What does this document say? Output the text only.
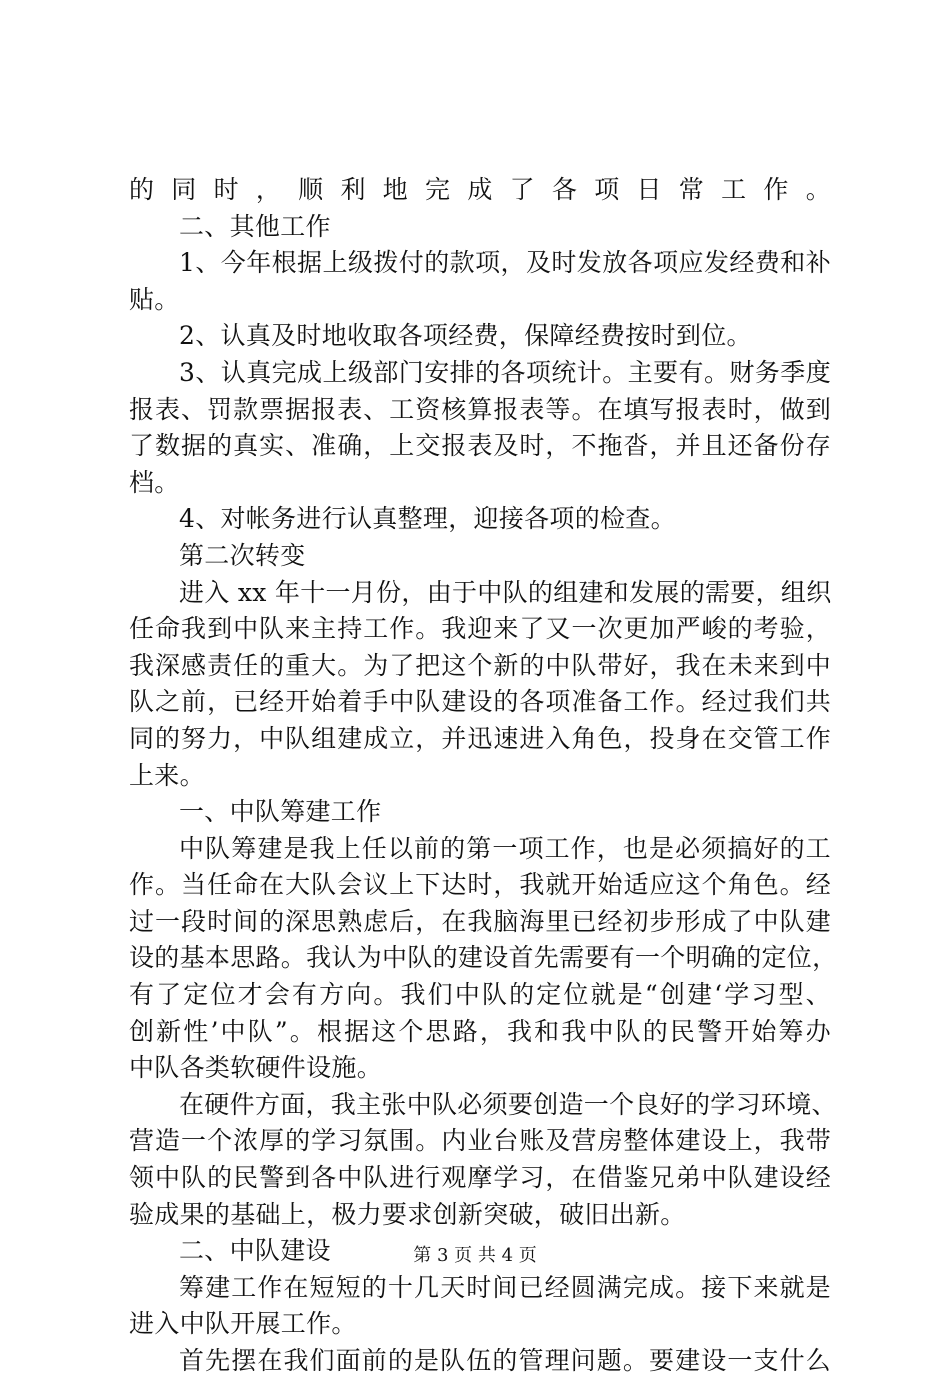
的同时，顺利地完成了各项日常工作。
二、其他工作
1、今年根据上级拨付的款项，及时发放各项应发经费和补
贴。
2、认真及时地收取各项经费，保障经费按时到位。
3、认真完成上级部门安排的各项统计。主要有。财务季度
报表、罚款票据报表、工资核算报表等。在填写报表时，做到
了数据的真实、准确，上交报表及时，不拖沓，并且还备份存
档。
4、对帐务进行认真整理，迎接各项的检查。
第二次转变
进入 xx 年十一月份，由于中队的组建和发展的需要，组织
任命我到中队来主持工作。我迎来了又一次更加严峻的考验，
我深感责任的重大。为了把这个新的中队带好，我在未来到中
队之前，已经开始着手中队建设的各项准备工作。经过我们共
同的努力，中队组建成立，并迅速进入角色，投身在交管工作
上来。
一、中队筹建工作
中队筹建是我上任以前的第一项工作，也是必须搞好的工
作。当任命在大队会议上下达时，我就开始适应这个角色。经
过一段时间的深思熟虑后，在我脑海里已经初步形成了中队建
设的基本思路。我认为中队的建设首先需要有一个明确的定位，
有了定位才会有方向。我们中队的定位就是“创建‘学习型、
创新性’中队”。根据这个思路，我和我中队的民警开始筹办
中队各类软硬件设施。
在硬件方面，我主张中队必须要创造一个良好的学习环境、
营造一个浓厚的学习氛围。内业台账及营房整体建设上，我带
领中队的民警到各中队进行观摩学习，在借鉴兄弟中队建设经
验成果的基础上，极力要求创新突破，破旧出新。
二、中队建设
筹建工作在短短的十几天时间已经圆满完成。接下来就是
进入中队开展工作。
首先摆在我们面前的是队伍的管理问题。要建设一支什么
第 3 页 共 4 页
